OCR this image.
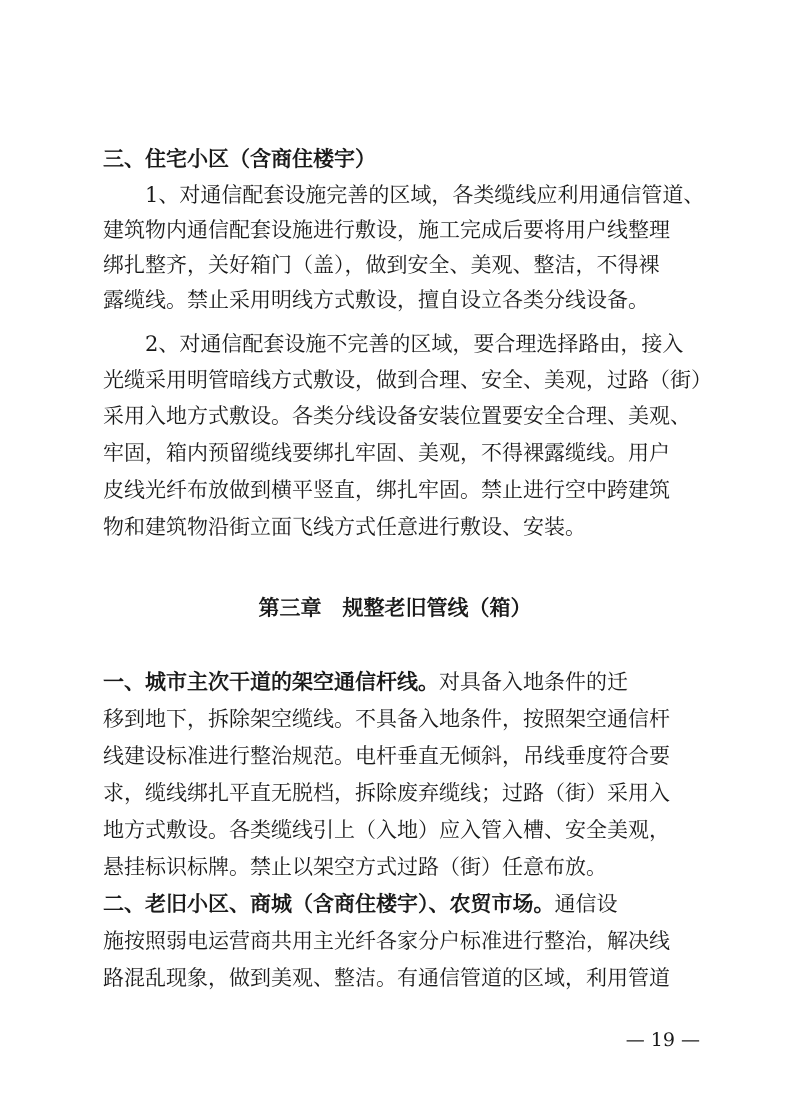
三、住宅小区（含商住楼宇）
1、对通信配套设施完善的区域，各类缆线应利用通信管道、
建筑物内通信配套设施进行敷设，施工完成后要将用户线整理
绑扎整齐，关好箱门（盖），做到安全、美观、整洁，不得裸
露缆线。禁止采用明线方式敷设，擅自设立各类分线设备。
2、对通信配套设施不完善的区域，要合理选择路由，接入
光缆采用明管暗线方式敷设，做到合理、安全、美观，过路（街）
采用入地方式敷设。各类分线设备安装位置要安全合理、美观、
牢固，箱内预留缆线要绑扎牢固、美观，不得裸露缆线。用户
皮线光纤布放做到横平竖直，绑扎牢固。禁止进行空中跨建筑
物和建筑物沿街立面飞线方式任意进行敷设、安装。
第三章　规整老旧管线（箱）
一、城市主次干道的架空通信杆线。对具备入地条件的迁
移到地下，拆除架空缆线。不具备入地条件，按照架空通信杆
线建设标准进行整治规范。电杆垂直无倾斜，吊线垂度符合要
求，缆线绑扎平直无脱档，拆除废弃缆线；过路（街）采用入
地方式敷设。各类缆线引上（入地）应入管入槽、安全美观，
悬挂标识标牌。禁止以架空方式过路（街）任意布放。
二、老旧小区、商城（含商住楼宇）、农贸市场。通信设
施按照弱电运营商共用主光纤各家分户标准进行整治，解决线
路混乱现象，做到美观、整洁。有通信管道的区域，利用管道
— 19 —
